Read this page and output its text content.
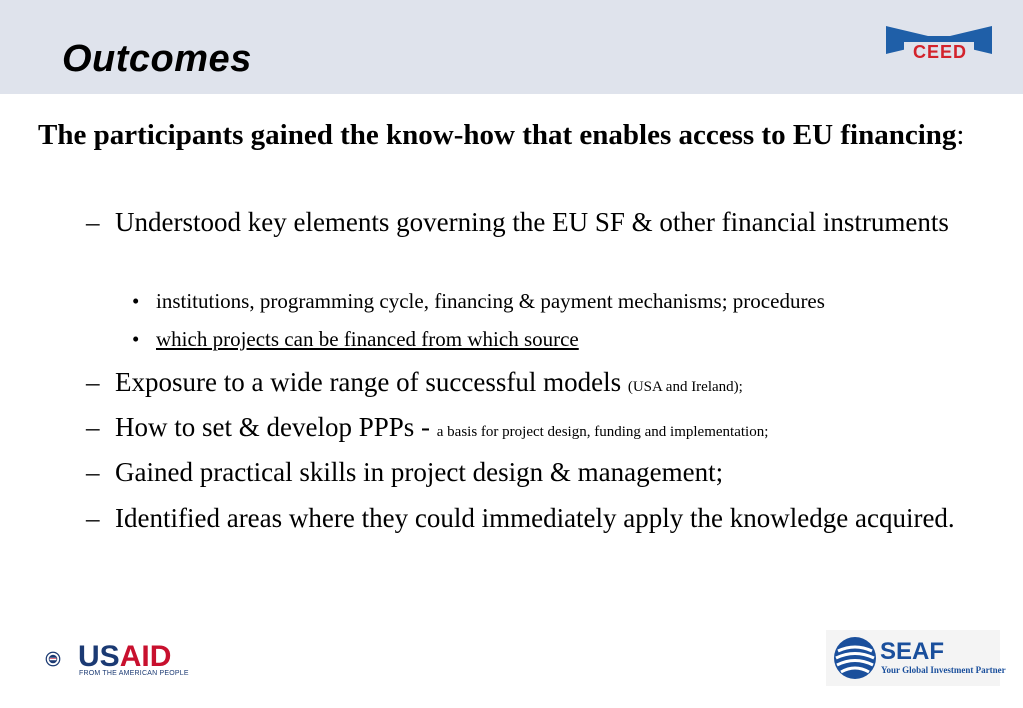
Outcomes	CEED
The participants gained the know-how that enables access to EU financing:
– Understood key elements governing the EU SF & other financial instruments
• institutions, programming cycle, financing & payment mechanisms; procedures
• which projects can be financed from which source
– Exposure to a wide range of successful models (USA and Ireland);
– How to set & develop PPPs - a basis for project design, funding and implementation;
– Gained practical skills in project design & management;
– Identified areas where they could immediately apply the knowledge acquired.
USAID
FROM THE AMERICAN PEOPLE
SEAF
Your Global Investment Partner
